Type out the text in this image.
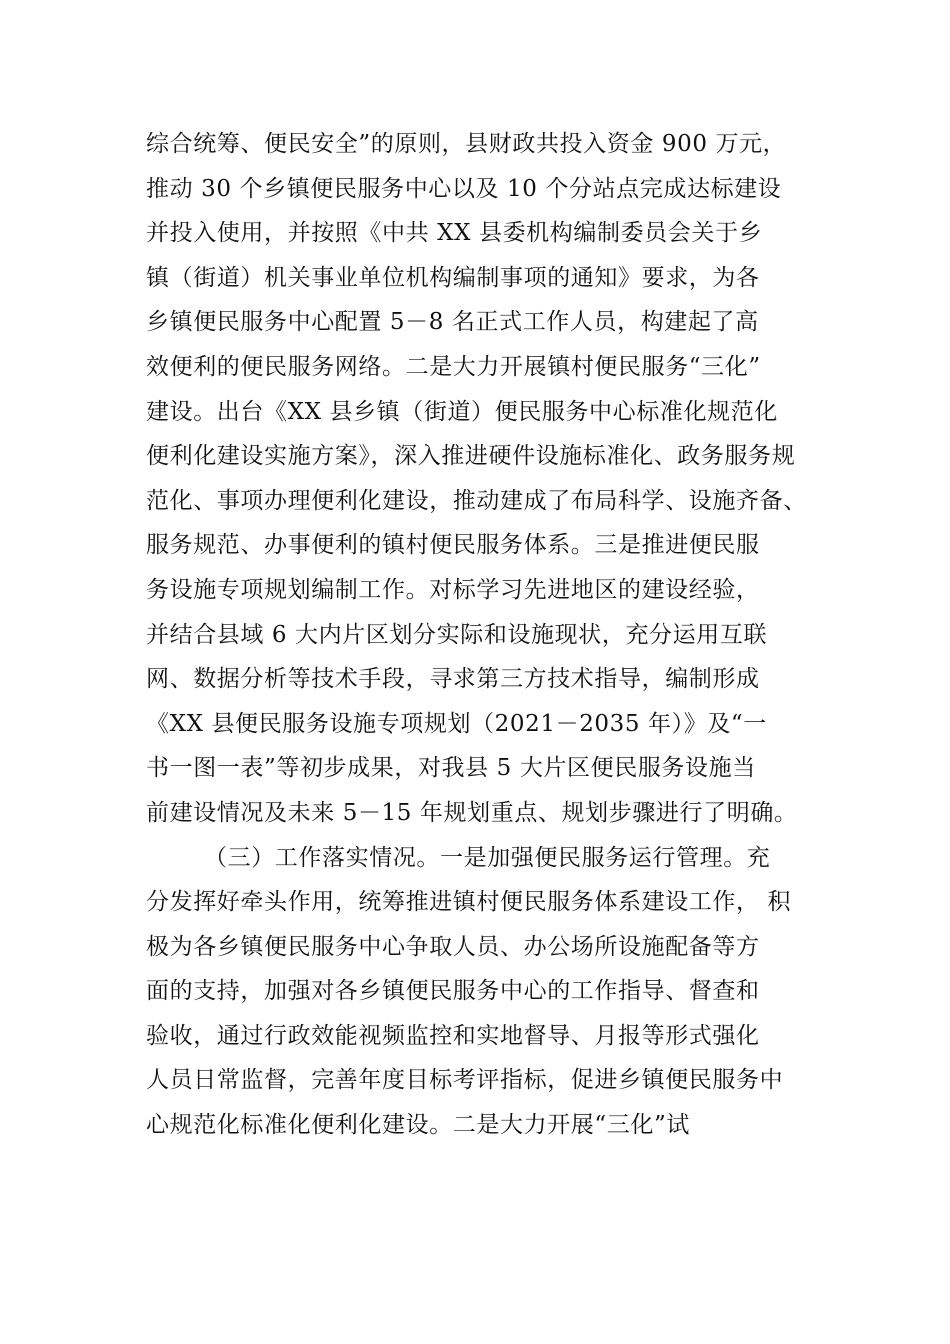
综合统筹、便民安全”的原则，县财政共投入资金 900 万元，
推动 30 个乡镇便民服务中心以及 10 个分站点完成达标建设
并投入使用，并按照《中共 XX 县委机构编制委员会关于乡
镇（街道）机关事业单位机构编制事项的通知》要求，为各
乡镇便民服务中心配置 5－8 名正式工作人员，构建起了高
效便利的便民服务网络。二是大力开展镇村便民服务“三化”
建设。出台《XX 县乡镇（街道）便民服务中心标准化规范化
便利化建设实施方案》，深入推进硬件设施标准化、政务服务规
范化、事项办理便利化建设，推动建成了布局科学、设施齐备、
服务规范、办事便利的镇村便民服务体系。三是推进便民服
务设施专项规划编制工作。对标学习先进地区的建设经验，
并结合县域 6 大内片区划分实际和设施现状，充分运用互联
网、数据分析等技术手段，寻求第三方技术指导，编制形成
《XX 县便民服务设施专项规划（2021－2035 年）》及“一
书一图一表”等初步成果，对我县 5 大片区便民服务设施当
前建设情况及未来 5－15 年规划重点、规划步骤进行了明确。
（三）工作落实情况。一是加强便民服务运行管理。充
分发挥好牵头作用，统筹推进镇村便民服务体系建设工作， 积
极为各乡镇便民服务中心争取人员、办公场所设施配备等方
面的支持，加强对各乡镇便民服务中心的工作指导、督查和
验收，通过行政效能视频监控和实地督导、月报等形式强化
人员日常监督，完善年度目标考评指标，促进乡镇便民服务中
心规范化标准化便利化建设。二是大力开展“三化”试
